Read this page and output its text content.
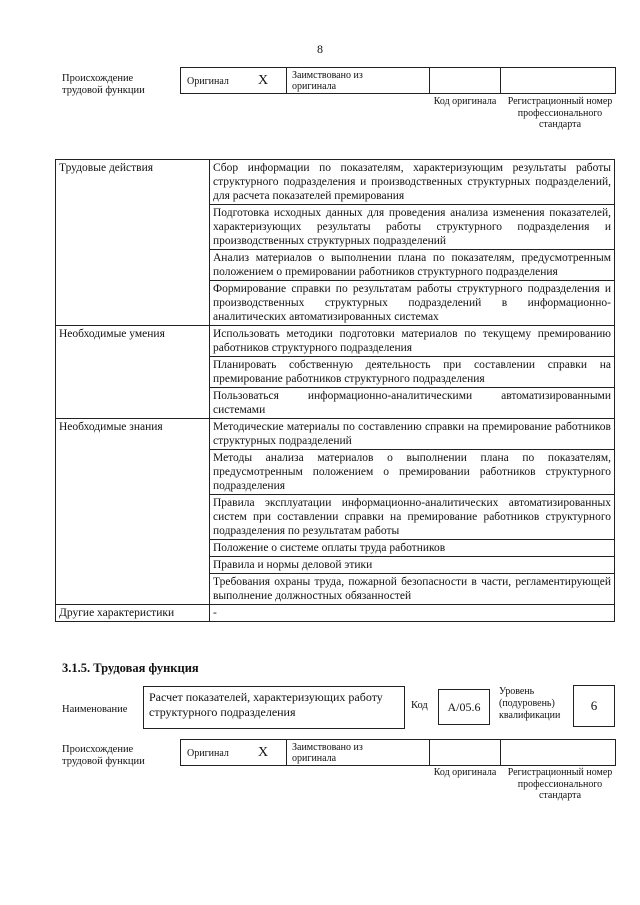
8
Происхождение трудовой функции
Оригинал X Заимствовано из оригинала
Код оригинала	Регистрационный номер профессионального стандарта
Трудовые действия	Сбор информации по показателям, характеризующим результаты работы структурного подразделения и производственных структурных подразделений, для расчета показателей премирования
	Подготовка исходных данных для проведения анализа изменения показателей, характеризующих результаты работы структурного подразделения и производственных структурных подразделений
	Анализ материалов о выполнении плана по показателям, предусмотренным положением о премировании работников структурного подразделения
	Формирование справки по результатам работы структурного подразделения и производственных структурных подразделений в информационно-аналитических автоматизированных системах
Необходимые умения	Использовать методики подготовки материалов по текущему премированию работников структурного подразделения
	Планировать собственную деятельность при составлении справки на премирование работников структурного подразделения
	Пользоваться информационно-аналитическими автоматизированными системами
Необходимые знания	Методические материалы по составлению справки на премирование работников структурных подразделений
	Методы анализа материалов о выполнении плана по показателям, предусмотренным положением о премировании работников структурного подразделения
	Правила эксплуатации информационно-аналитических автоматизированных систем при составлении справки на премирование работников структурного подразделения по результатам работы
	Положение о системе оплаты труда работников
	Правила и нормы деловой этики
	Требования охраны труда, пожарной безопасности в части, регламентирующей выполнение должностных обязанностей
Другие характеристики	-
3.1.5. Трудовая функция
Наименование
Расчет показателей, характеризующих работу структурного подразделения	Код	A/05.6
Уровень (подуровень) квалификации
6
Происхождение трудовой функции
Оригинал X Заимствовано из оригинала
Код оригинала	Регистрационный номер профессионального стандарта
